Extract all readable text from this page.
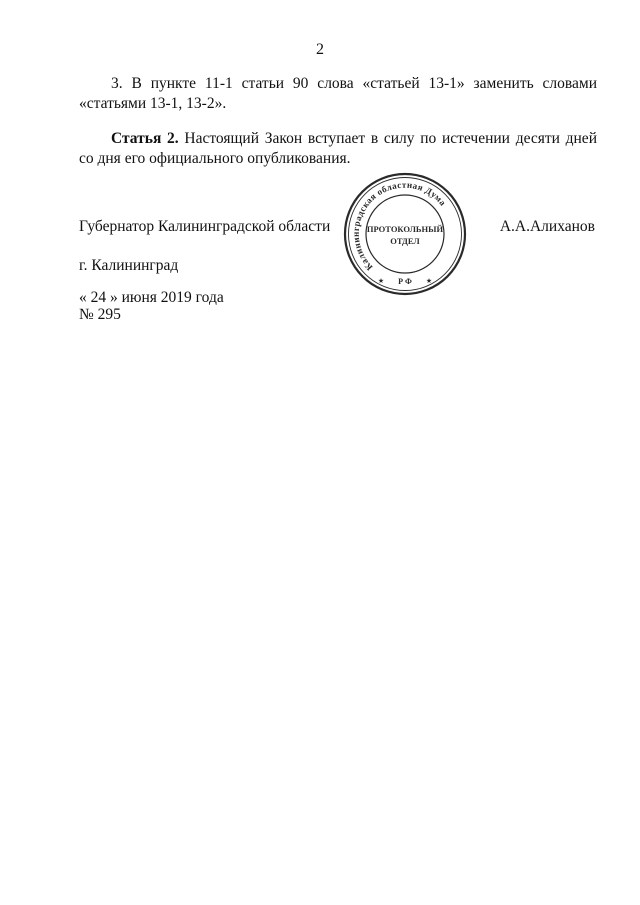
2
3. В пункте 11-1 статьи 90 слова «статьей 13-1» заменить словами «статьями 13-1, 13-2».
Статья 2. Настоящий Закон вступает в силу по истечении десяти дней со дня его официального опубликования.
Губернатор Калининградской области	А.А.Алиханов
Калининградская областная Дума
ПРОТОКОЛЬНЫЙ
ОТДЕЛ
Р Ф
★	★
г. Калининград
« 24 » июня 2019 года
№ 295
